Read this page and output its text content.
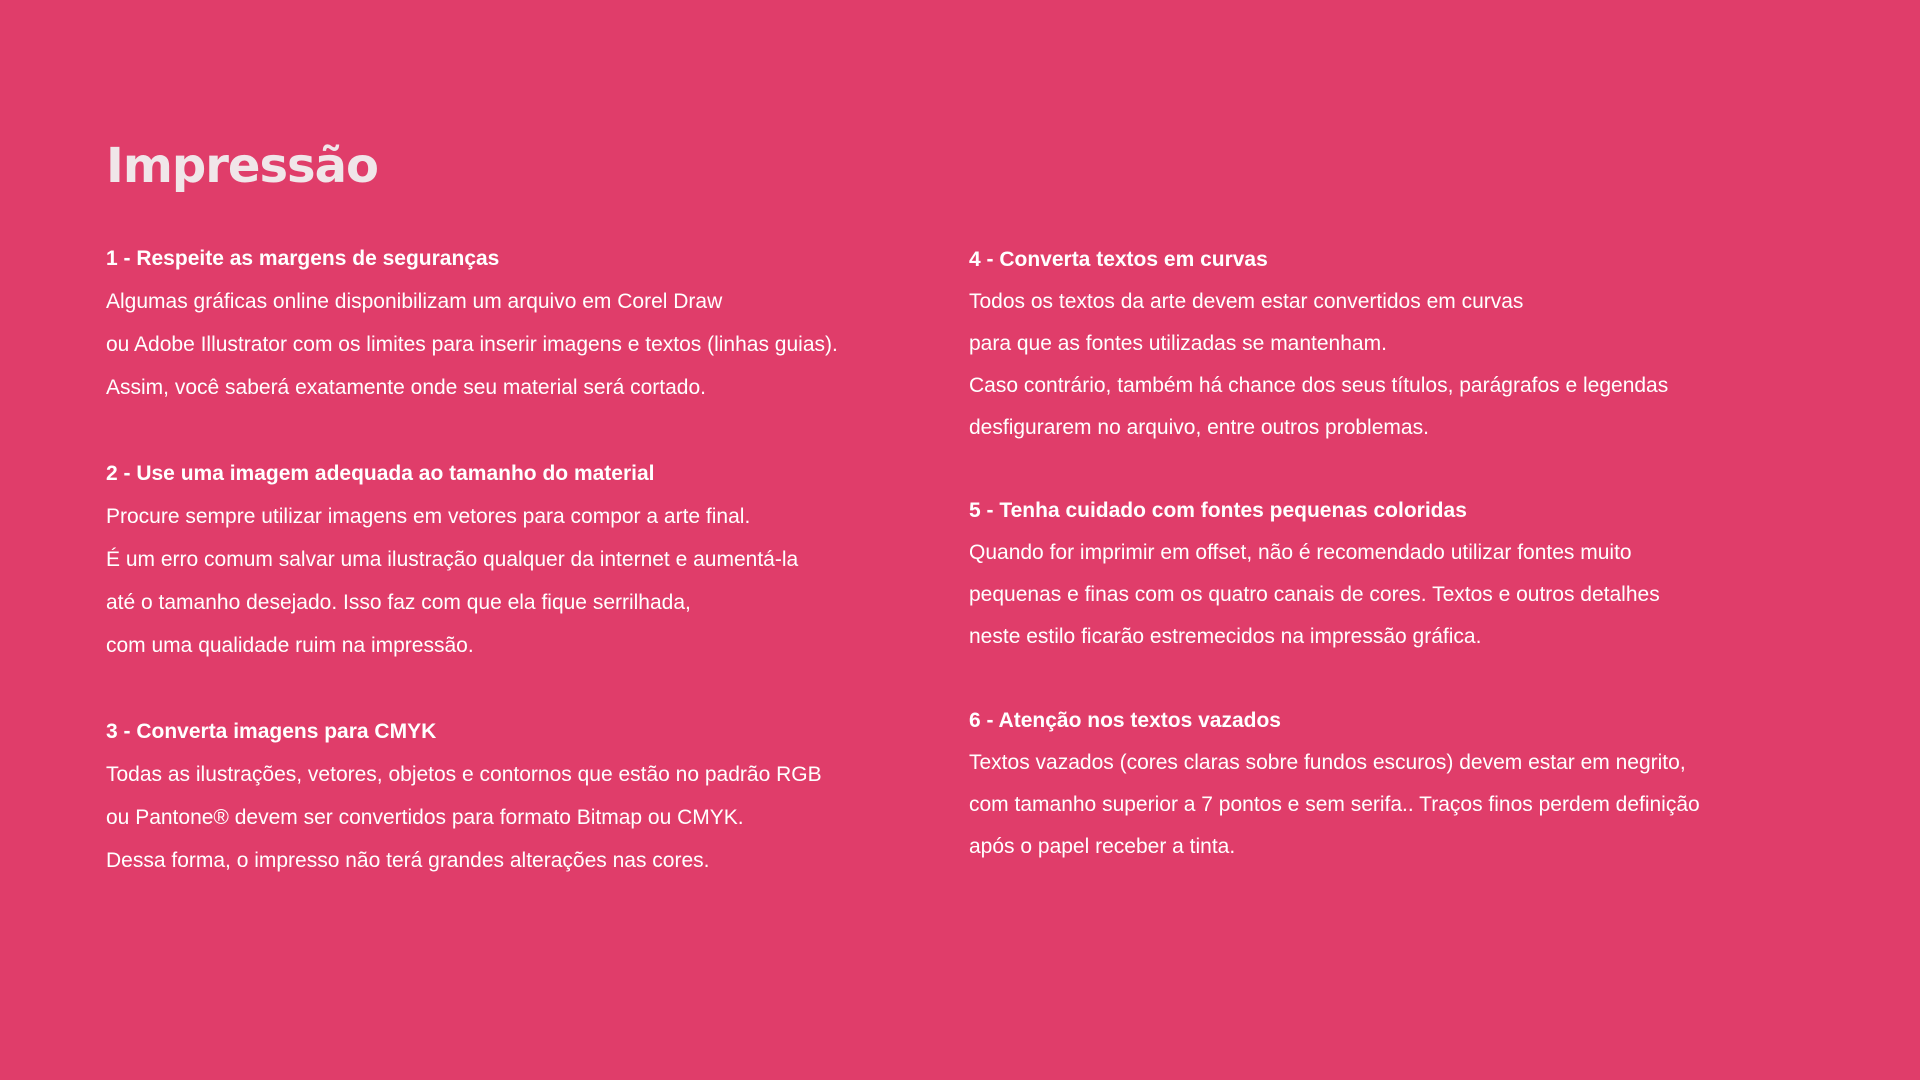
Impressão

1 - Respeite as margens de seguranças

Algumas gráficas online disponibilizam um arquivo em Corel Draw

ou Adobe Illustrator com os limites para inserir imagens e textos (linhas guias).

Assim, você saberá exatamente onde seu material será cortado.

2 - Use uma imagem adequada ao tamanho do material

Procure sempre utilizar imagens em vetores para compor a arte final.

É um erro comum salvar uma ilustração qualquer da internet e aumentá-la

até o tamanho desejado. Isso faz com que ela fique serrilhada,

com uma qualidade ruim na impressão.

3 - Converta imagens para CMYK

Todas as ilustrações, vetores, objetos e contornos que estão no padrão RGB

ou Pantone® devem ser convertidos para formato Bitmap ou CMYK.

Dessa forma, o impresso não terá grandes alterações nas cores.

4 - Converta textos em curvas

Todos os textos da arte devem estar convertidos em curvas

para que as fontes utilizadas se mantenham.

Caso contrário, também há chance dos seus títulos, parágrafos e legendas

desfigurarem no arquivo, entre outros problemas.

5 - Tenha cuidado com fontes pequenas coloridas

Quando for imprimir em offset, não é recomendado utilizar fontes muito

pequenas e finas com os quatro canais de cores. Textos e outros detalhes

neste estilo ficarão estremecidos na impressão gráfica.

6 - Atenção nos textos vazados

Textos vazados (cores claras sobre fundos escuros) devem estar em negrito,

com tamanho superior a 7 pontos e sem serifa.. Traços finos perdem definição

após o papel receber a tinta.
